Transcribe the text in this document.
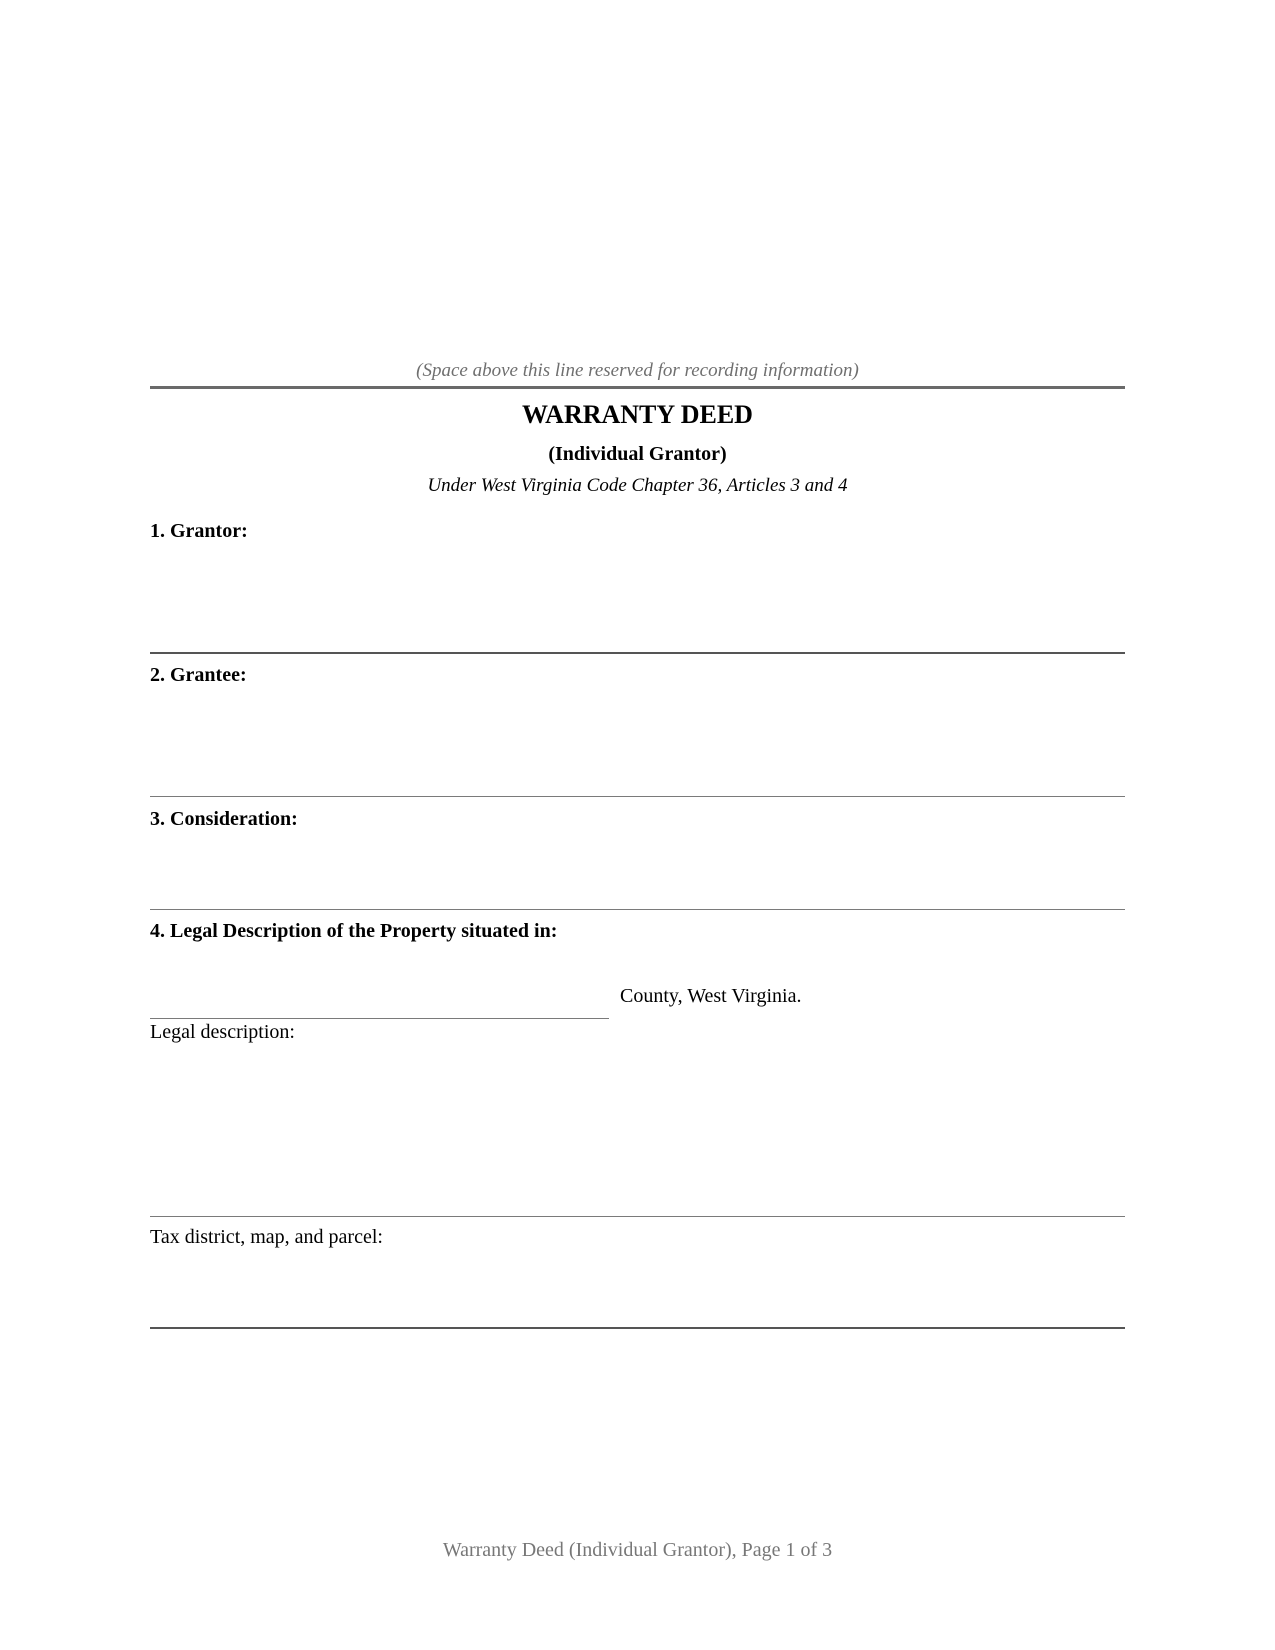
(Space above this line reserved for recording information)
WARRANTY DEED
(Individual Grantor)
Under West Virginia Code Chapter 36, Articles 3 and 4
1. Grantor:
2. Grantee:
3. Consideration:
4. Legal Description of the Property situated in:
County, West Virginia.
Legal description:
Tax district, map, and parcel:
Warranty Deed (Individual Grantor), Page 1 of 3
